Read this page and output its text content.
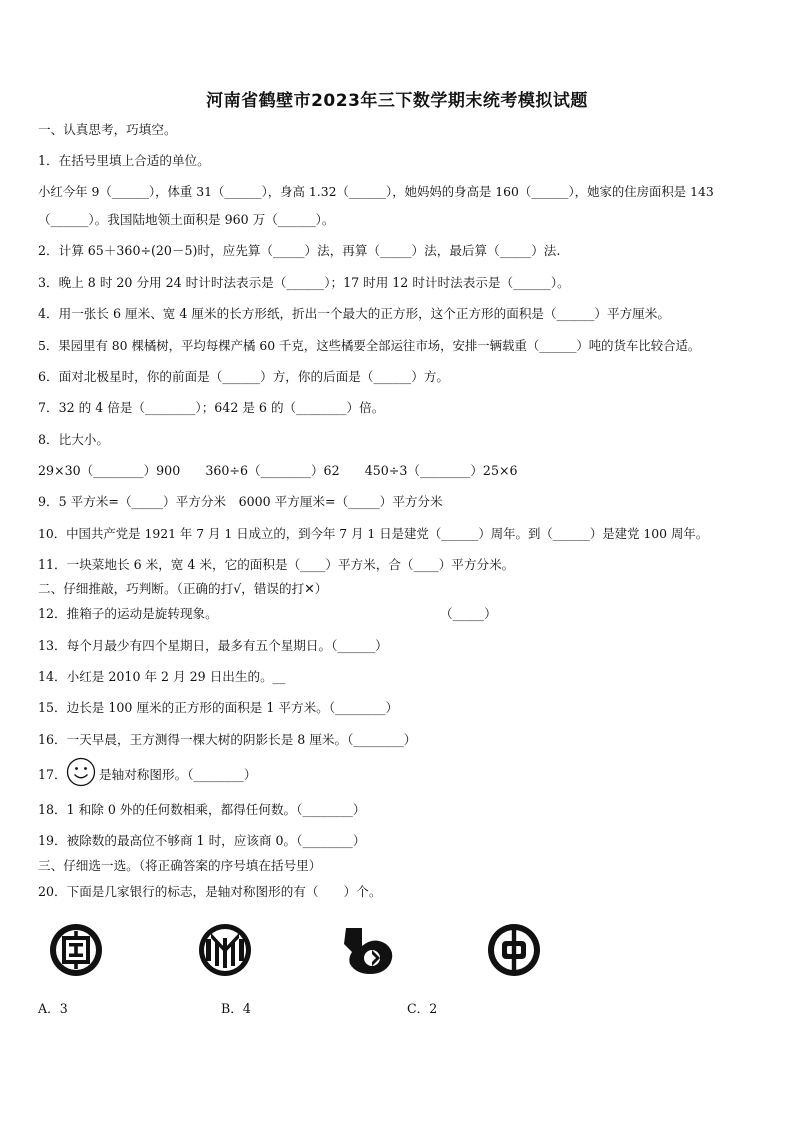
河南省鹤壁市2023年三下数学期末统考模拟试题
一、认真思考，巧填空。
1．在括号里填上合适的单位。
小红今年 9（______），体重 31（______），身高 1.32（______），她妈妈的身高是 160（______），她家的住房面积是 143
（______）。我国陆地领土面积是 960 万（______）。
2．计算 65＋360÷(20－5)时，应先算（_____）法，再算（_____）法，最后算（_____）法.
3．晚上 8 时 20 分用 24 时计时法表示是（______）；17 时用 12 时计时法表示是（______）。
4．用一张长 6 厘米、宽 4 厘米的长方形纸，折出一个最大的正方形，这个正方形的面积是（______）平方厘米。
5．果园里有 80 棵橘树，平均每棵产橘 60 千克，这些橘要全部运往市场，安排一辆载重（______）吨的货车比较合适。
6．面对北极星时，你的前面是（______）方，你的后面是（______）方。
7．32 的 4 倍是（________）；642 是 6 的（________）倍。
8．比大小。
29×30（________）900　　360÷6（________）62　　450÷3（________）25×6
9．5 平方米=（_____）平方分米　6000 平方厘米=（_____）平方分米
10．中国共产党是 1921 年 7 月 1 日成立的，到今年 7 月 1 日是建党（______）周年。到（______）是建党 100 周年。
11．一块菜地长 6 米，宽 4 米，它的面积是（____）平方米，合（____）平方分米。
二、仔细推敲，巧判断。（正确的打√，错误的打✕）
12．推箱子的运动是旋转现象。	（_____）
13．每个月最少有四个星期日，最多有五个星期日。（______）
14．小红是 2010 年 2 月 29 日出生的。__
15．边长是 100 厘米的正方形的面积是 1 平方米。（________）
16．一天早晨，王方测得一棵大树的阴影长是 8 厘米。（________）
17．	是轴对称图形。（________）
18．1 和除 0 外的任何数相乘，都得任何数。（________）
19．被除数的最高位不够商 1 时，应该商 0。（________）
三、仔细选一选。（将正确答案的序号填在括号里）
20．下面是几家银行的标志，是轴对称图形的有（　　）个。
A．3	B．4	C．2
